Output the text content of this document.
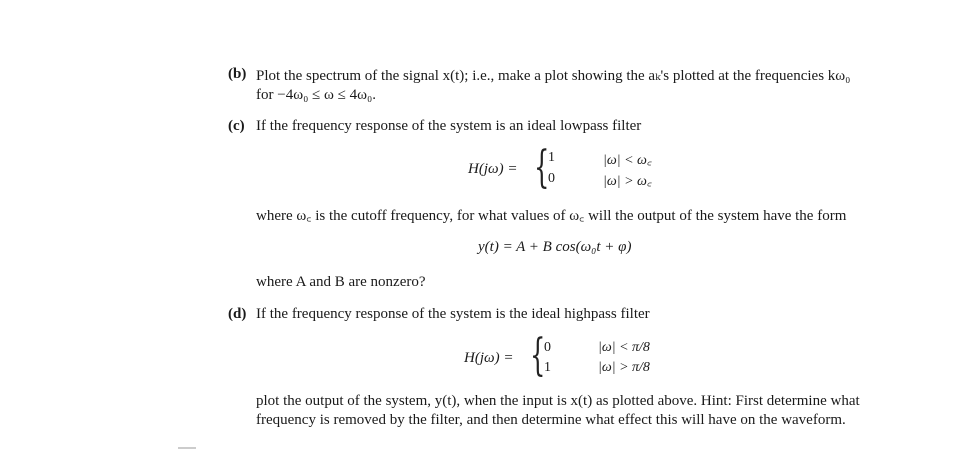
(b) Plot the spectrum of the signal x(t); i.e., make a plot showing the aₖ's plotted at the frequencies kω₀
for −4ω₀ ≤ ω ≤ 4ω₀.
(c) If the frequency response of the system is an ideal lowpass filter
H(jω) = {
1
0
|ω| < ω꜀
|ω| > ω꜀
where ω꜀ is the cutoff frequency, for what values of ω꜀ will the output of the system have the form
y(t) = A + B cos(ω₀t + φ)
where A and B are nonzero?
(d) If the frequency response of the system is the ideal highpass filter
H(jω) = {
0
1
|ω| < π/8
|ω| > π/8
plot the output of the system, y(t), when the input is x(t) as plotted above. Hint: First determine what
frequency is removed by the filter, and then determine what effect this will have on the waveform.
